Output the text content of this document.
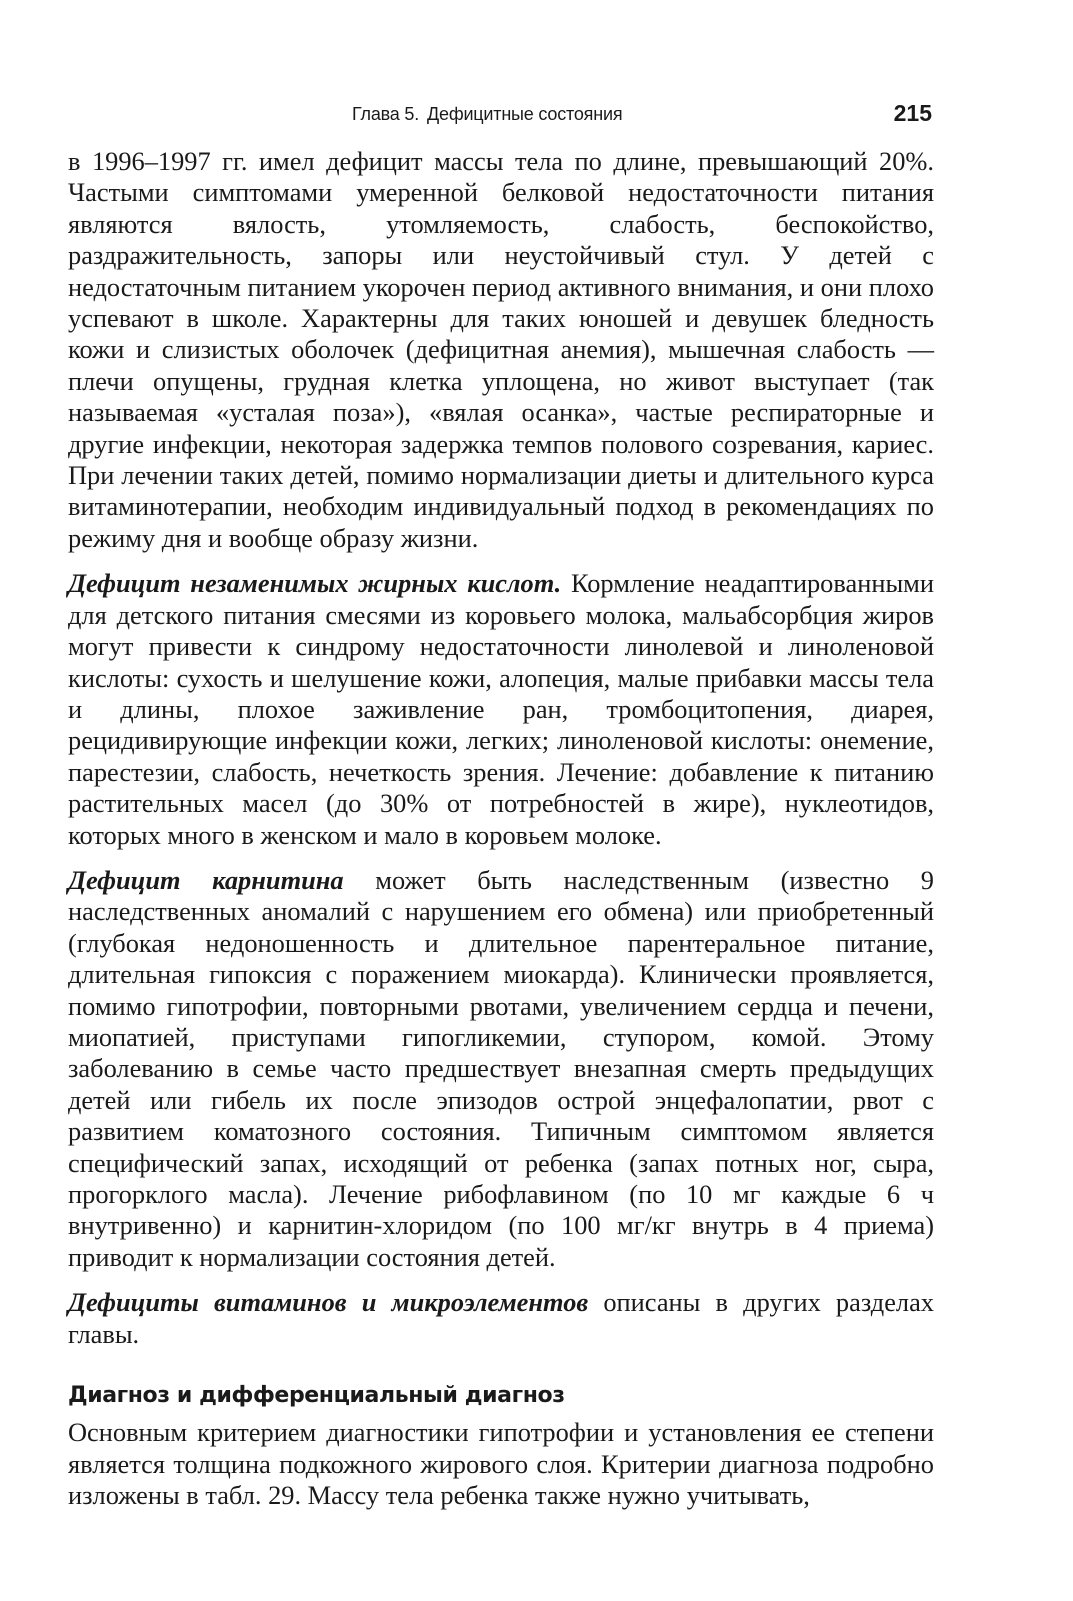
Глава 5. Дефицитные состояния	215

в 1996–1997 гг. имел дефицит массы тела по длине, превышающий 20%. Частыми симптомами умеренной белковой недостаточности питания являются вялость, утомляемость, слабость, беспокойство, раздражительность, запоры или неустойчивый стул. У детей с недостаточным питанием укорочен период активного внимания, и они плохо успевают в школе. Характерны для таких юношей и девушек бледность кожи и слизистых оболочек (дефицитная анемия), мышечная слабость — плечи опущены, грудная клетка уплощена, но живот выступает (так называемая «усталая поза»), «вялая осанка», частые респираторные и другие инфекции, некоторая задержка темпов полового созревания, кариес. При лечении таких детей, помимо нормализации диеты и длительного курса витаминотерапии, необходим индивидуальный подход в рекомендациях по режиму дня и вообще образу жизни.

Дефицит незаменимых жирных кислот. Кормление неадаптированными для детского питания смесями из коровьего молока, мальабсорбция жиров могут привести к синдрому недостаточности линолевой и линоленовой кислоты: сухость и шелушение кожи, алопеция, малые прибавки массы тела и длины, плохое заживление ран, тромбоцитопения, диарея, рецидивирующие инфекции кожи, легких; линоленовой кислоты: онемение, парестезии, слабость, нечеткость зрения. Лечение: добавление к питанию растительных масел (до 30% от потребностей в жире), нуклеотидов, которых много в женском и мало в коровьем молоке.

Дефицит карнитина может быть наследственным (известно 9 наследственных аномалий с нарушением его обмена) или приобретенный (глубокая недоношенность и длительное парентеральное питание, длительная гипоксия с поражением миокарда). Клинически проявляется, помимо гипотрофии, повторными рвотами, увеличением сердца и печени, миопатией, приступами гипогликемии, ступором, комой. Этому заболеванию в семье часто предшествует внезапная смерть предыдущих детей или гибель их после эпизодов острой энцефалопатии, рвот с развитием коматозного состояния. Типичным симптомом является специфический запах, исходящий от ребенка (запах потных ног, сыра, прогорклого масла). Лечение рибофлавином (по 10 мг каждые 6 ч внутривенно) и карнитин-хлоридом (по 100 мг/кг внутрь в 4 приема) приводит к нормализации состояния детей.

Дефициты витаминов и микроэлементов описаны в других разделах главы.

Диагноз и дифференциальный диагноз

Основным критерием диагностики гипотрофии и установления ее степени является толщина подкожного жирового слоя. Критерии диагноза подробно изложены в табл. 29. Массу тела ребенка также нужно учитывать,
